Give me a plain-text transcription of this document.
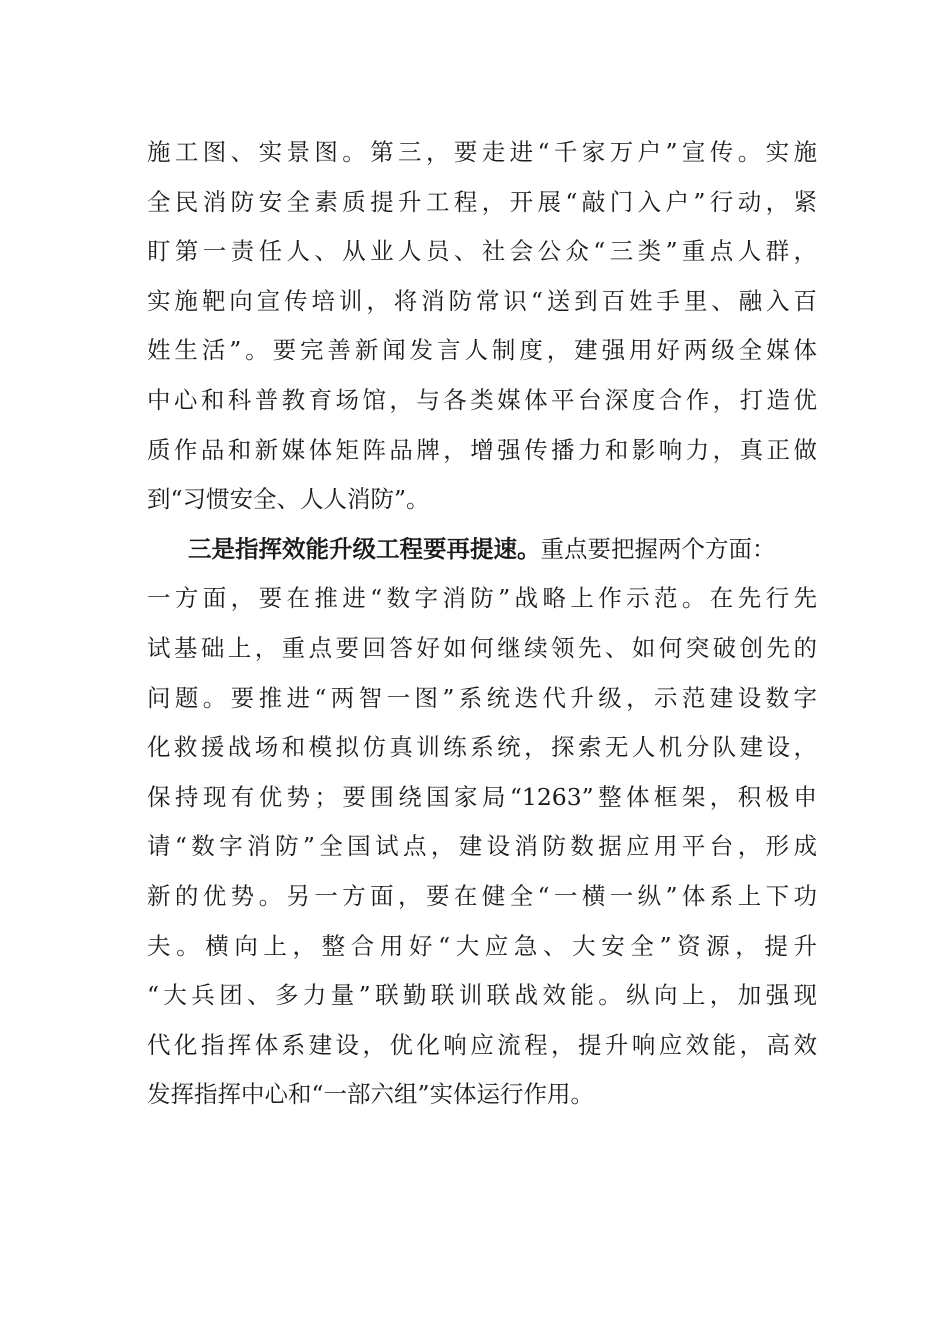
施工图、实景图。第三，要走进“千家万户”宣传。实施
全民消防安全素质提升工程，开展“敲门入户”行动，紧
盯第一责任人、从业人员、社会公众“三类”重点人群，
实施靶向宣传培训，将消防常识“送到百姓手里、融入百
姓生活”。要完善新闻发言人制度，建强用好两级全媒体
中心和科普教育场馆，与各类媒体平台深度合作，打造优
质作品和新媒体矩阵品牌，增强传播力和影响力，真正做
到“习惯安全、人人消防”。
三是指挥效能升级工程要再提速。 重点要把握两个方面：
一方面，要在推进“数字消防”战略上作示范。在先行先
试基础上，重点要回答好如何继续领先、如何突破创先的
问题。要推进“两智一图”系统迭代升级，示范建设数字
化救援战场和模拟仿真训练系统，探索无人机分队建设，
保持现有优势；要围绕国家局“1263”整体框架，积极申
请“数字消防”全国试点，建设消防数据应用平台，形成
新的优势。另一方面，要在健全“一横一纵”体系上下功
夫。横向上，整合用好“大应急、大安全”资源，提升
“大兵团、多力量”联勤联训联战效能。纵向上，加强现
代化指挥体系建设，优化响应流程，提升响应效能，高效
发挥指挥中心和“一部六组”实体运行作用。
